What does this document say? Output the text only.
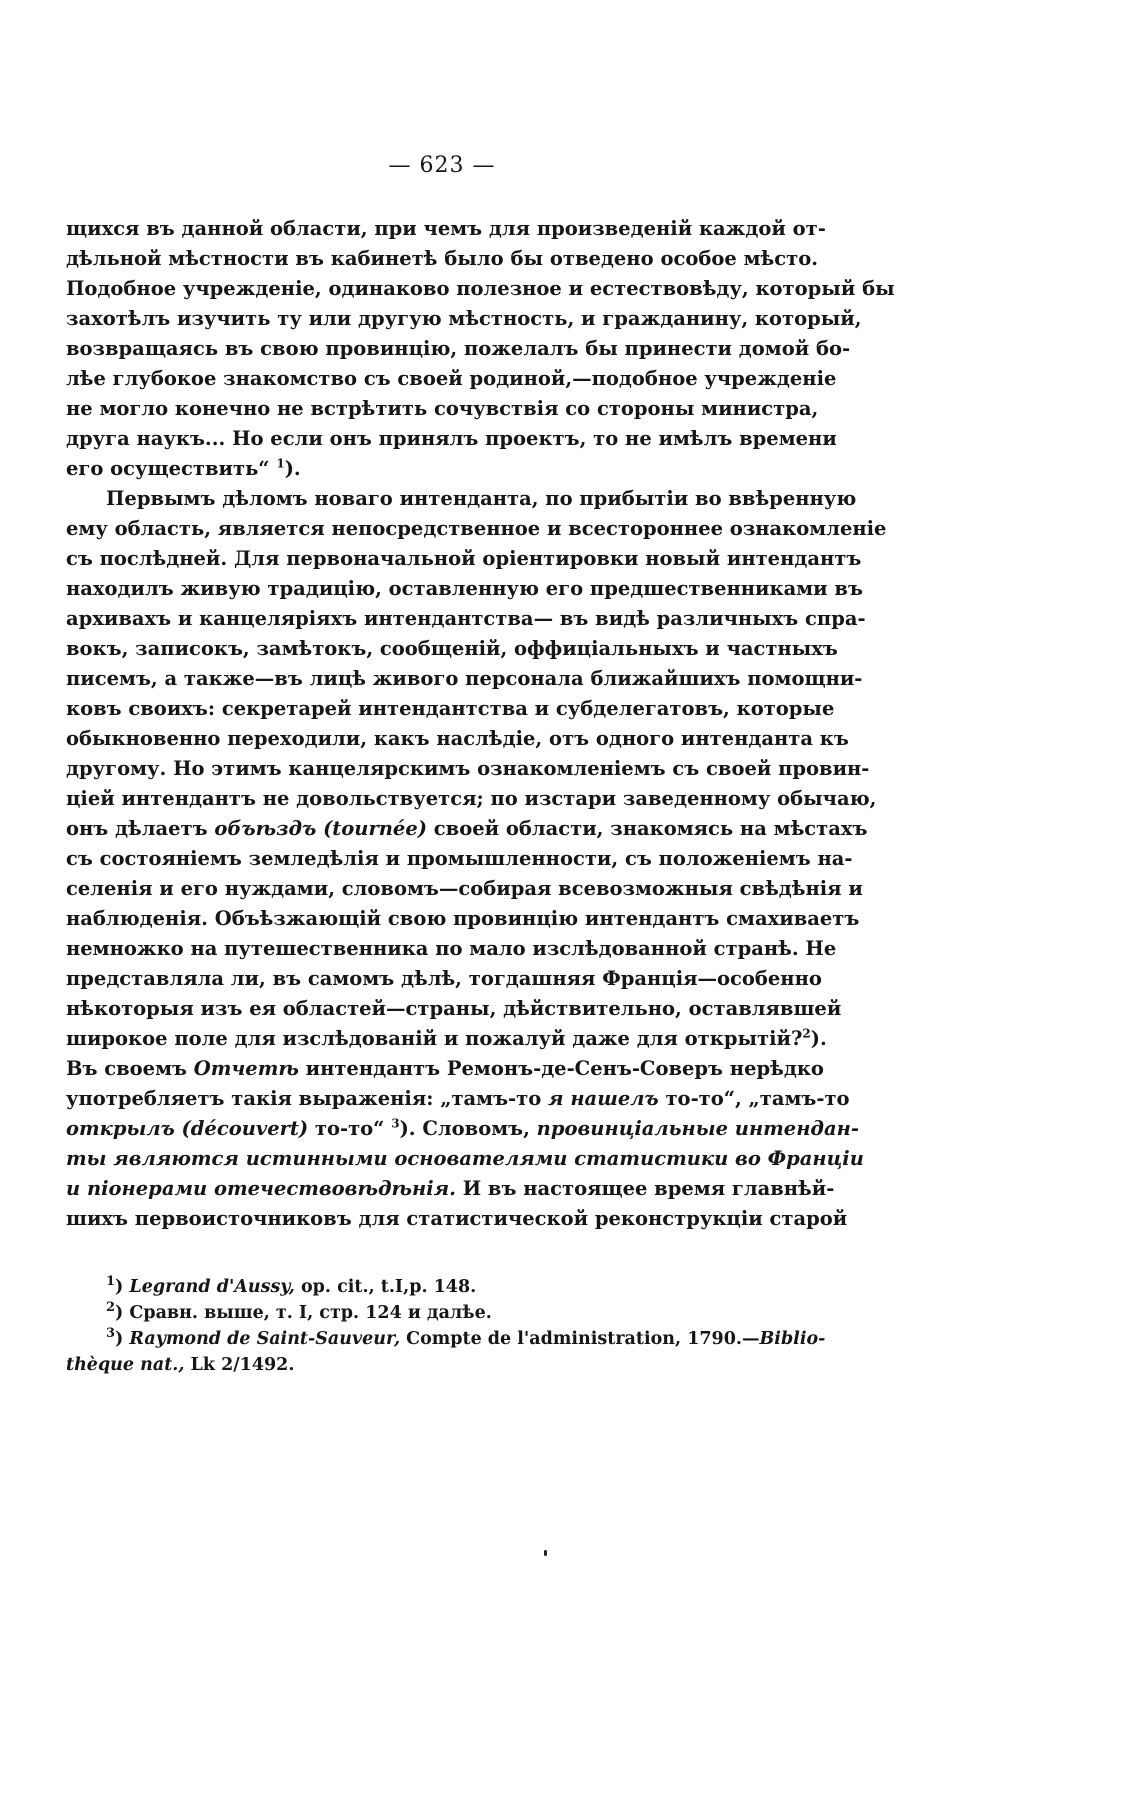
— 623 —
щихся въ данной области, при чемъ для произведеній каждой от-
дѣльной мѣстности въ кабинетѣ было бы отведено особое мѣсто.
Подобное учрежденіе, одинаково полезное и естествовѣду, который бы
захотѣлъ изучить ту или другую мѣстность, и гражданину, который,
возвращаясь въ свою провинцію, пожелалъ бы принести домой бо-
лѣе глубокое знакомство съ своей родиной,—подобное учрежденіе
не могло конечно не встрѣтить сочувствія со стороны министра,
друга наукъ... Но если онъ принялъ проектъ, то не имѣлъ времени
его осуществить“ $^1$).
Первымъ дѣломъ новаго интенданта, по прибытіи во ввѣренную
ему область, является непосредственное и всестороннее ознакомленіе
съ послѣдней. Для первоначальной оріентировки новый интендантъ
находилъ живую традицію, оставленную его предшественниками въ
архивахъ и канцеляріяхъ интендантства— въ видѣ различныхъ спра-
вокъ, записокъ, замѣтокъ, сообщеній, оффиціальныхъ и частныхъ
писемъ, а также—въ лицѣ живого персонала ближайшихъ помощни-
ковъ своихъ: секретарей интендантства и субделегатовъ, которые
обыкновенно переходили, какъ наслѣдіе, отъ одного интенданта къ
другому. Но этимъ канцелярскимъ ознакомленіемъ съ своей провин-
ціей интендантъ не довольствуется; по изстари заведенному обычаю,
онъ дѣлаетъ объѣздъ (tournée) своей области, знакомясь на мѣстахъ
съ состояніемъ земледѣлія и промышленности, съ положеніемъ на-
селенія и его нуждами, словомъ—собирая всевозможныя свѣдѣнія и
наблюденія. Объѣзжающій свою провинцію интендантъ смахиваетъ
немножко на путешественника по мало изслѣдованной странѣ. Не
представляла ли, въ самомъ дѣлѣ, тогдашняя Франція—особенно
нѣкоторыя изъ ея областей—страны, дѣйствительно, оставлявшей
широкое поле для изслѣдованій и пожалуй даже для открытій?$^2$).
Въ своемъ Отчетѣ интендантъ Ремонъ-де-Сенъ-Соверъ нерѣдко
употребляетъ такія выраженія: „тамъ-то я нашелъ то-то“, „тамъ-то
открылъ (découvert) то-то“ $^3$). Словомъ, провинціальные интендан-
ты являются истинными основателями статистики во Франціи
и піонерами отечествовѣдѣнія. И въ настоящее время главнѣй-
шихъ первоисточниковъ для статистической реконструкціи старой
$^1$) Legrand d'Aussy, op. cit., t.I,p. 148.
$^2$) Сравн. выше, т. I, стр. 124 и далѣе.
$^3$) Raymond de Saint-Sauveur, Compte de l'administration, 1790.—Biblio-
thèque nat., Lk 2/1492.
